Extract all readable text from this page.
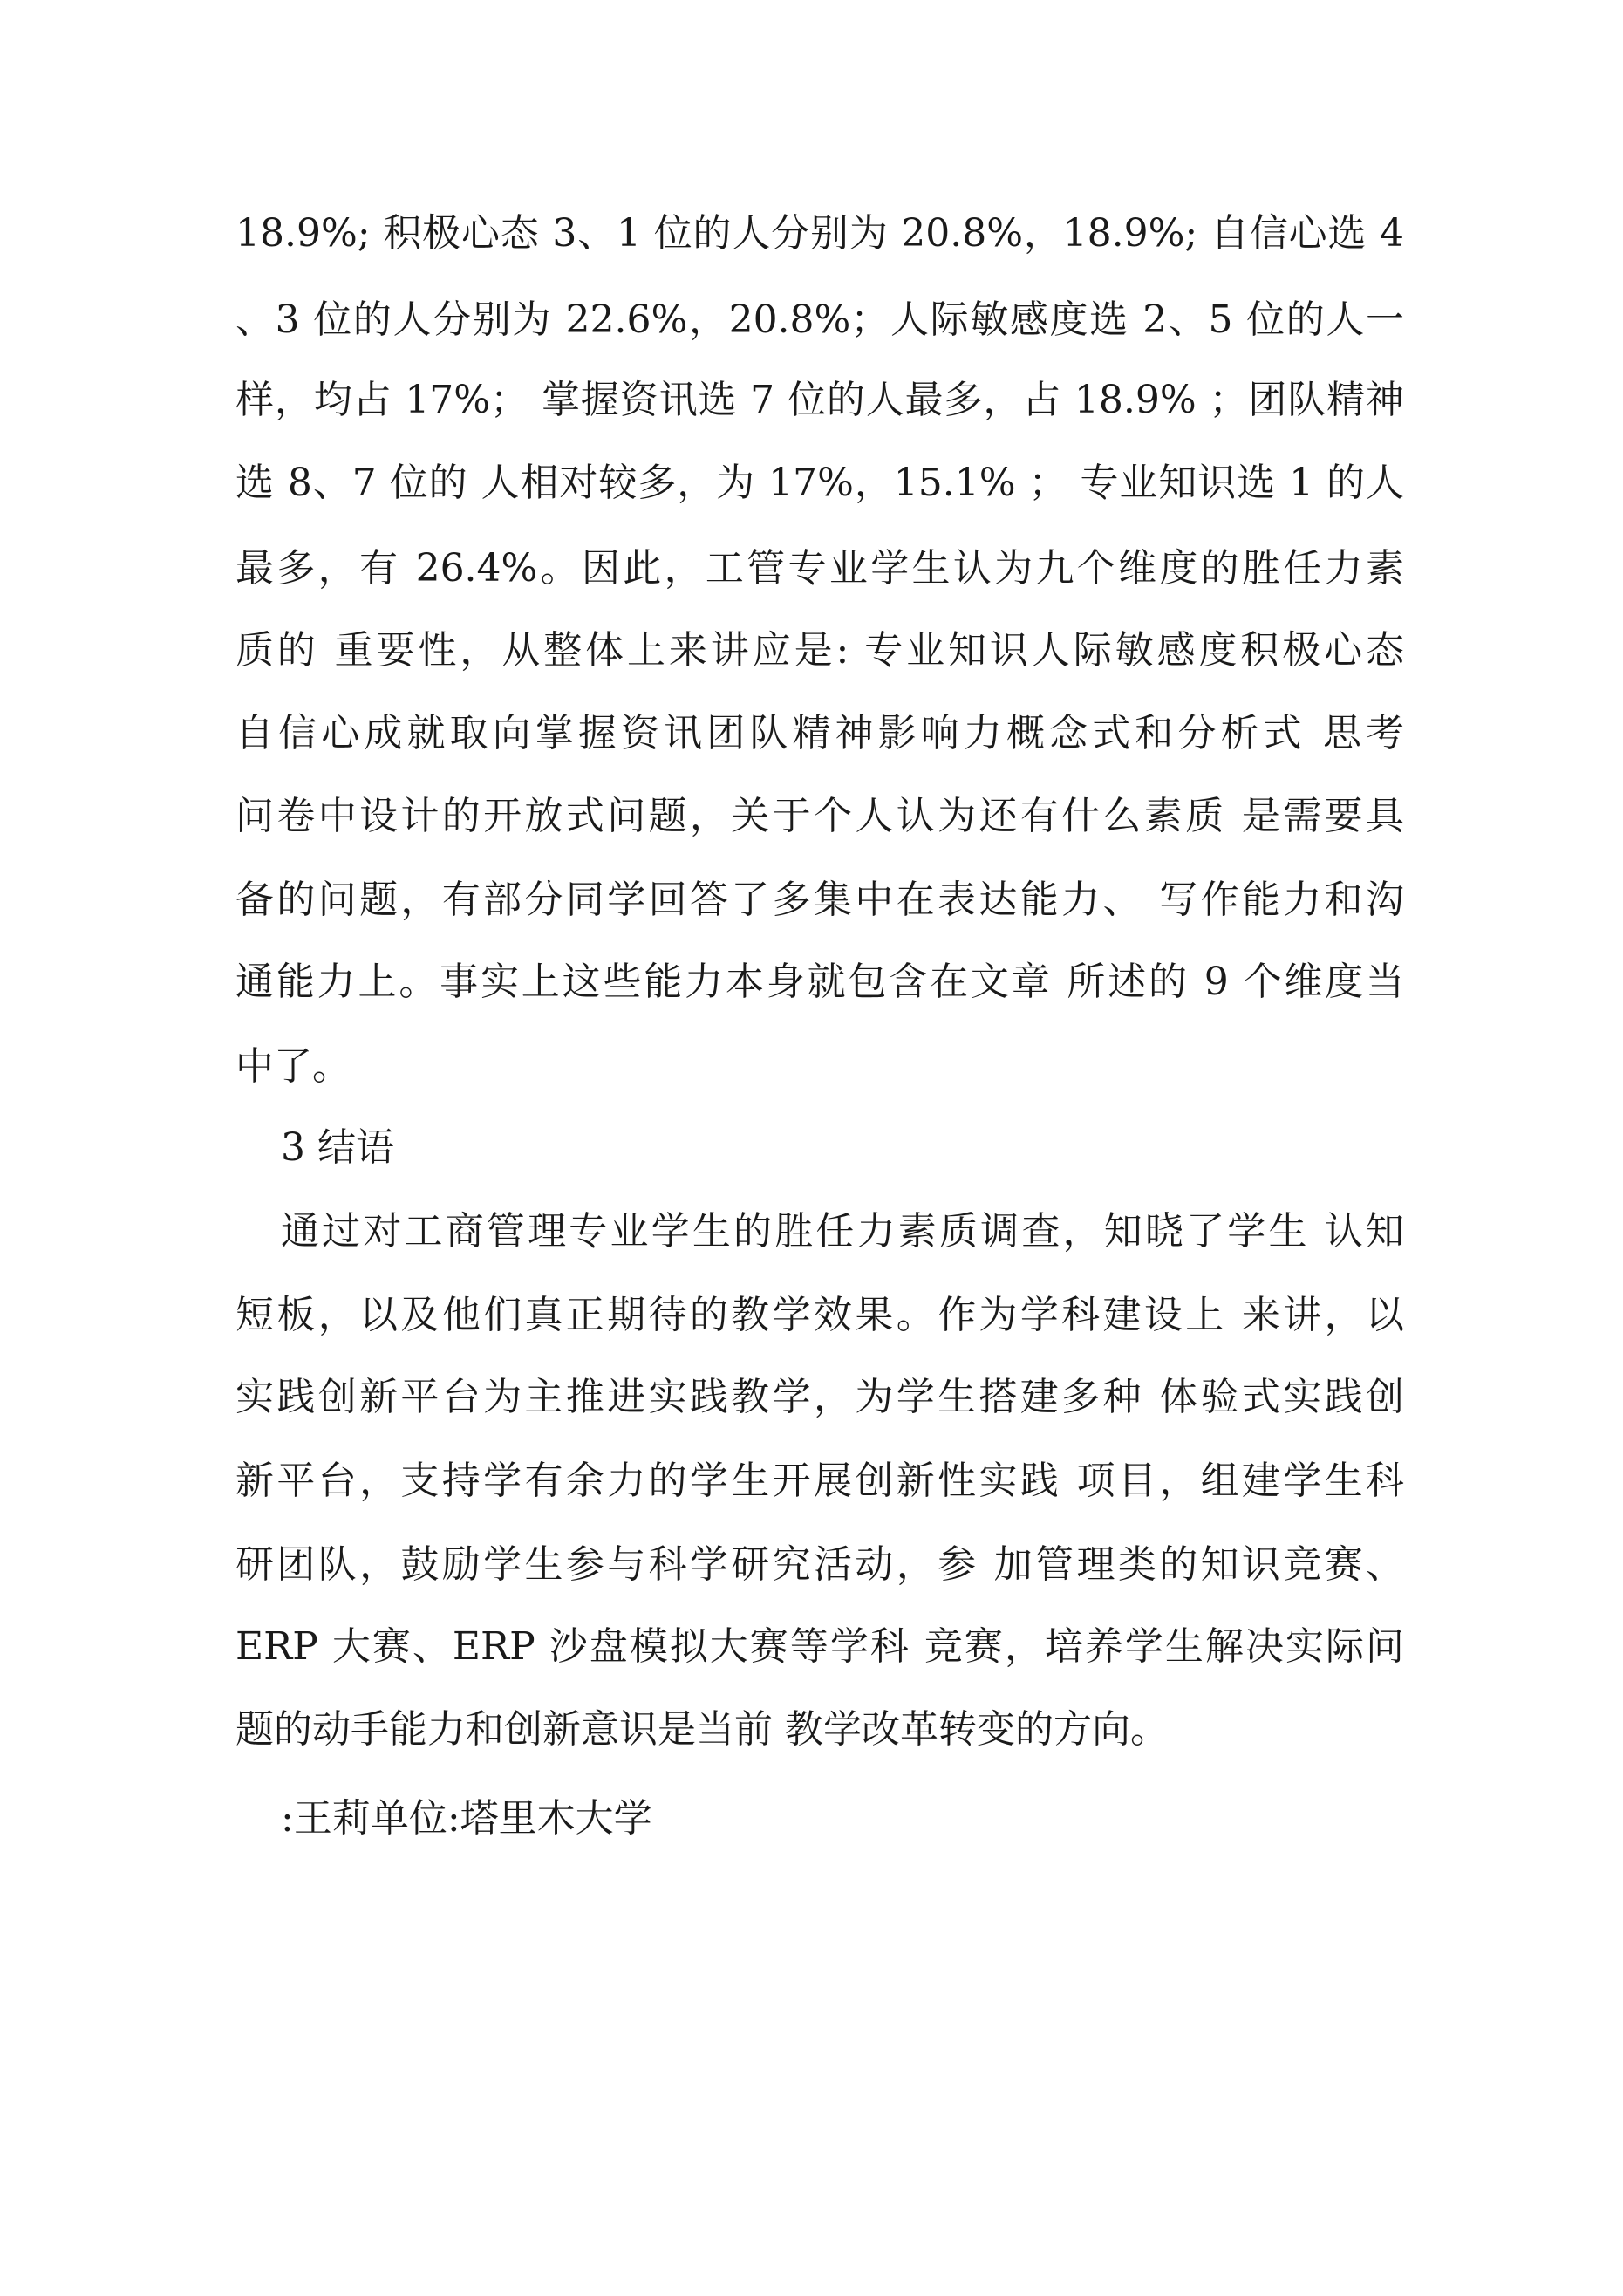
18.9%; 积极心态 3、1 位的人分别为 20.8%，18.9%; 自信心选 4
、3 位的人分别为 22.6%，20.8%；人际敏感度选 2、5 位的人一
样，均占 17%； 掌握资讯选 7 位的人最多，占 18.9% ；团队精神
选 8、7 位的 人相对较多，为 17%，15.1% ； 专业知识选 1 的人
最多，有 26.4%。因此，工管专业学生认为九个维度的胜任力素
质的 重要性，从整体上来讲应是: 专业知识人际敏感度积极心态
自信心成就取向掌握资讯团队精神影响力概念式和分析式 思考
问卷中设计的开放式问题，关于个人认为还有什么素质 是需要具
备的问题，有部分同学回答了多集中在表达能力、 写作能力和沟
通能力上。事实上这些能力本身就包含在文章 所述的 9 个维度当
中了。
3 结语
通过对工商管理专业学生的胜任力素质调查，知晓了学生 认知
短板，以及他们真正期待的教学效果。作为学科建设上 来讲，以
实践创新平台为主推进实践教学，为学生搭建多种 体验式实践创
新平台，支持学有余力的学生开展创新性实践 项目，组建学生科
研团队，鼓励学生参与科学研究活动，参 加管理类的知识竞赛、
ERP 大赛、ERP 沙盘模拟大赛等学科 竞赛，培养学生解决实际问
题的动手能力和创新意识是当前 教学改革转变的方向。
:王莉单位:塔里木大学
